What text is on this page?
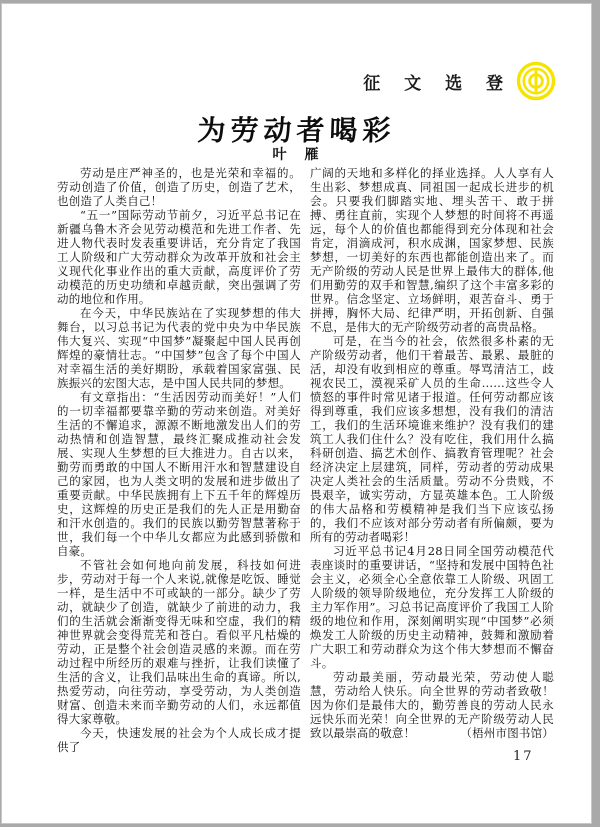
征 文 选 登
为劳动者喝彩
叶　雁

劳动是庄严神圣的，也是光荣和幸福的。劳动创造了价值，创造了历史，创造了艺术，也创造了人类自己！

“五一”国际劳动节前夕，习近平总书记在新疆乌鲁木齐会见劳动模范和先进工作者、先进人物代表时发表重要讲话，充分肯定了我国工人阶级和广大劳动群众为改革开放和社会主义现代化事业作出的重大贡献，高度评价了劳动模范的历史功绩和卓越贡献，突出强调了劳动的地位和作用。

在今天，中华民族站在了实现梦想的伟大舞台，以习总书记为代表的党中央为中华民族伟大复兴、实现“中国梦”凝聚起中国人民再创辉煌的豪情壮志。“中国梦”包含了每个中国人对幸福生活的美好期盼，承载着国家富强、民族振兴的宏图大志，是中国人民共同的梦想。

有文章指出：“生活因劳动而美好！”人们的一切幸福都要靠辛勤的劳动来创造。对美好生活的不懈追求，源源不断地激发出人们的劳动热情和创造智慧，最终汇聚成推动社会发展、实现人生梦想的巨大推进力。自古以来，勤劳而勇敢的中国人不断用汗水和智慧建设自己的家园，也为人类文明的发展和进步做出了重要贡献。中华民族拥有上下五千年的辉煌历史，这辉煌的历史正是我们的先人正是用勤奋和汗水创造的。我们的民族以勤劳智慧著称于世，我们每一个中华儿女都应为此感到骄傲和自豪。

不管社会如何地向前发展，科技如何进步，劳动对于每一个人来说,就像是吃饭、睡觉一样，是生活中不可或缺的一部分。缺少了劳动，就缺少了创造，就缺少了前进的动力，我们的生活就会渐渐变得无味和空虚，我们的精神世界就会变得荒芜和苍白。看似平凡枯燥的劳动，正是整个社会创造灵感的来源。而在劳动过程中所经历的艰难与挫折，让我们读懂了生活的含义，让我们品味出生命的真谛。所以,热爱劳动，向往劳动，享受劳动，为人类创造财富、创造未来而辛勤劳动的人们，永远都值得大家尊敬。

今天，快速发展的社会为个人成长成才提供了

广阔的天地和多样化的择业选择。人人享有人生出彩、梦想成真、同祖国一起成长进步的机会。只要我们脚踏实地、埋头苦干、敢于拼搏、勇往直前，实现个人梦想的时间将不再遥远，每个人的价值也都能得到充分体现和社会肯定，涓滴成河，积水成渊，国家梦想、民族梦想，一切美好的东西也都能创造出来了。而无产阶级的劳动人民是世界上最伟大的群体,他们用勤劳的双手和智慧,编织了这个丰富多彩的世界。信念坚定、立场鲜明，艰苦奋斗、勇于拼搏，胸怀大局、纪律严明，开拓创新、自强不息，是伟大的无产阶级劳动者的高贵品格。

可是，在当今的社会，依然很多朴素的无产阶级劳动者，他们干着最苦、最累、最脏的活，却没有收到相应的尊重。辱骂清洁工，歧视农民工，漠视采矿人员的生命……这些令人愤怒的事件时常见诸于报道。任何劳动都应该得到尊重，我们应该多想想，没有我们的清洁工，我们的生活环境谁来维护？没有我们的建筑工人我们住什么？没有吃住，我们用什么搞科研创造、搞艺术创作、搞教育管理呢？社会经济决定上层建筑，同样，劳动者的劳动成果决定人类社会的生活质量。劳动不分贵贱，不畏艰辛，诚实劳动，方显英雄本色。工人阶级的伟大品格和劳模精神是我们当下应该弘扬的，我们不应该对部分劳动者有所偏颇，要为所有的劳动者喝彩！

习近平总书记4月28日同全国劳动模范代表座谈时的重要讲话，“坚持和发展中国特色社会主义，必须全心全意依靠工人阶级、巩固工人阶级的领导阶级地位，充分发挥工人阶级的主力军作用”。习总书记高度评价了我国工人阶级的地位和作用，深刻阐明实现“中国梦”必须焕发工人阶级的历史主动精神，鼓舞和激励着广大职工和劳动群众为这个伟大梦想而不懈奋斗。

劳动最美丽，劳动最光荣，劳动使人聪慧，劳动给人快乐。向全世界的劳动者致敬！因为你们是最伟大的，勤劳善良的劳动人民永远快乐而光荣！向全世界的无产阶级劳动人民致以最崇高的敬意！	（梧州市图书馆）

17
